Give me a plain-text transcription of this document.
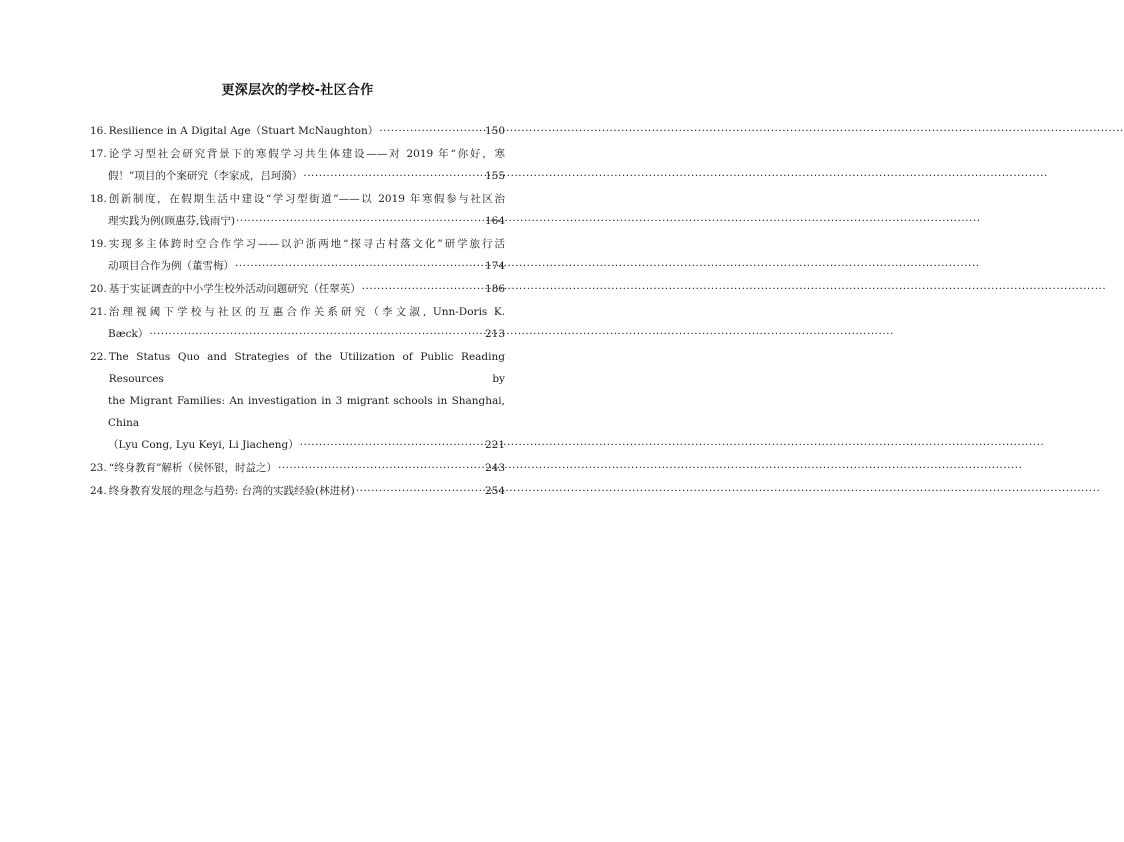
更深层次的学校-社区合作
16. Resilience in A Digital Age（Stuart McNaughton） ·····	150
17. 论学习型社会研究背景下的寒假学习共生体建设——对 2019 年“你好，寒
假！”项目的个案研究（李家成，吕珂漪） ·····	155
18. 创新制度，在假期生活中建设“学习型街道”——以 2019 年寒假参与社区治
理实践为例(顾惠芬,钱雨宁) ·····	164
19. 实现多主体跨时空合作学习——以沪浙两地“探寻古村落文化”研学旅行活
动项目合作为例（董雪梅） ·····	174
20. 基于实证调查的中小学生校外活动问题研究（任翠英） ·····	186
21. 治理视阈下学校与社区的互惠合作关系研究（李文淑, Unn-Doris K.
Bæck） ·····	213
22. The Status Quo and Strategies of the Utilization of Public Reading Resources by
the Migrant Families: An investigation in 3 migrant schools in Shanghai, China
（Lyu Cong, Lyu Keyi, Li Jiacheng） ·····	221
23. “终身教育”解析（侯怀银，时益之） ·····	243
24. 终身教育发展的理念与趋势: 台湾的实践经验(林进材) ·····	254
